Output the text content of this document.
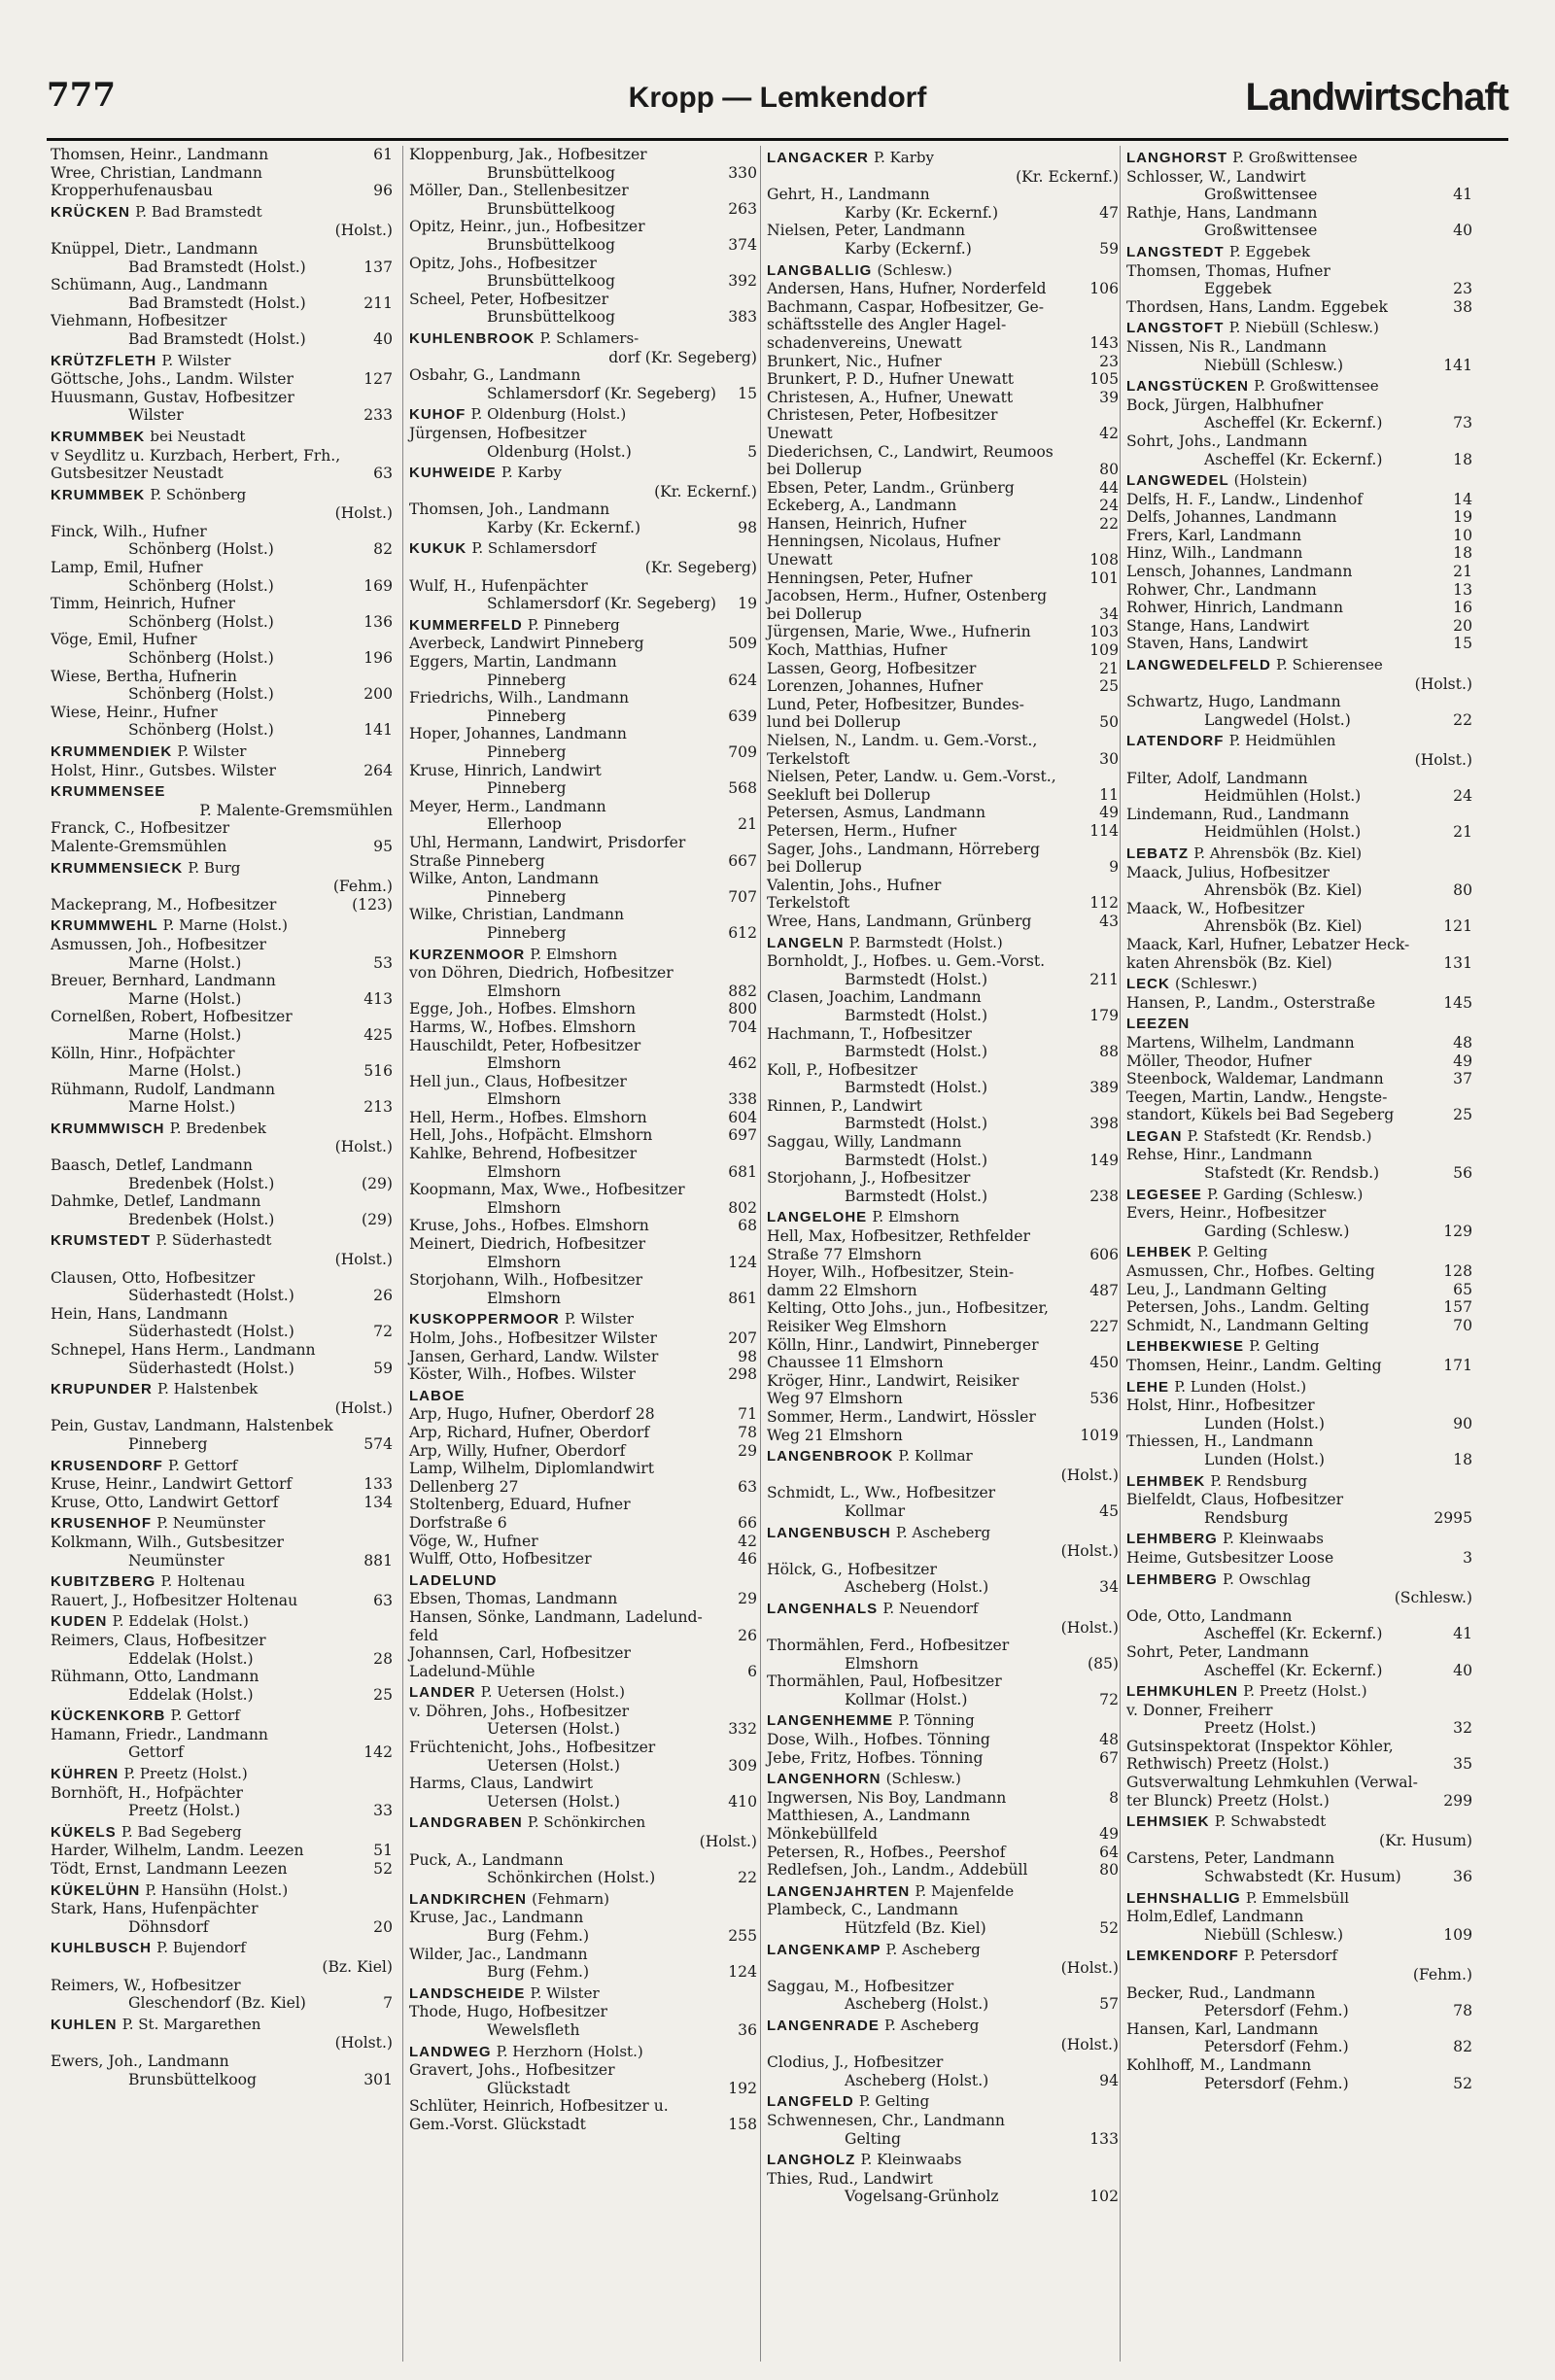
777	Kropp — Lemkendorf	Landwirtschaft
Thomsen, Heinr., Landmann	61
Wree, Christian, Landmann
Kropperhufenausbau	96
KRÜCKEN P. Bad Bramstedt
(Holst.)
Knüppel, Dietr., Landmann
Bad Bramstedt (Holst.)	137
Schümann, Aug., Landmann
Bad Bramstedt (Holst.)	211
Viehmann, Hofbesitzer
Bad Bramstedt (Holst.)	40
KRÜTZFLETH P. Wilster
Göttsche, Johs., Landm. Wilster	127
Huusmann, Gustav, Hofbesitzer
Wilster	233
KRUMMBEK bei Neustadt
v Seydlitz u. Kurzbach, Herbert, Frh.,
Gutsbesitzer Neustadt	63
KRUMMBEK P. Schönberg
(Holst.)
Finck, Wilh., Hufner
Schönberg (Holst.)	82
Lamp, Emil, Hufner
Schönberg (Holst.)	169
Timm, Heinrich, Hufner
Schönberg (Holst.)	136
Vöge, Emil, Hufner
Schönberg (Holst.)	196
Wiese, Bertha, Hufnerin
Schönberg (Holst.)	200
Wiese, Heinr., Hufner
Schönberg (Holst.)	141
KRUMMENDIEK P. Wilster
Holst, Hinr., Gutsbes. Wilster	264
KRUMMENSEE
P. Malente-Gremsmühlen
Franck, C., Hofbesitzer
Malente-Gremsmühlen	95
KRUMMENSIECK P. Burg
(Fehm.)
Mackeprang, M., Hofbesitzer	(123)
KRUMMWEHL P. Marne (Holst.)
Asmussen, Joh., Hofbesitzer
Marne (Holst.)	53
Breuer, Bernhard, Landmann
Marne (Holst.)	413
Cornelßen, Robert, Hofbesitzer
Marne (Holst.)	425
Kölln, Hinr., Hofpächter
Marne (Holst.)	516
Rühmann, Rudolf, Landmann
Marne Holst.)	213
KRUMMWISCH P. Bredenbek
(Holst.)
Baasch, Detlef, Landmann
Bredenbek (Holst.)	(29)
Dahmke, Detlef, Landmann
Bredenbek (Holst.)	(29)
KRUMSTEDT P. Süderhastedt
(Holst.)
Clausen, Otto, Hofbesitzer
Süderhastedt (Holst.)	26
Hein, Hans, Landmann
Süderhastedt (Holst.)	72
Schnepel, Hans Herm., Landmann
Süderhastedt (Holst.)	59
KRUPUNDER P. Halstenbek
(Holst.)
Pein, Gustav, Landmann, Halstenbek
Pinneberg	574
KRUSENDORF P. Gettorf
Kruse, Heinr., Landwirt Gettorf	133
Kruse, Otto, Landwirt Gettorf	134
KRUSENHOF P. Neumünster
Kolkmann, Wilh., Gutsbesitzer
Neumünster	881
KUBITZBERG P. Holtenau
Rauert, J., Hofbesitzer Holtenau	63
KUDEN P. Eddelak (Holst.)
Reimers, Claus, Hofbesitzer
Eddelak (Holst.)	28
Rühmann, Otto, Landmann
Eddelak (Holst.)	25
KÜCKENKORB P. Gettorf
Hamann, Friedr., Landmann
Gettorf	142
KÜHREN P. Preetz (Holst.)
Bornhöft, H., Hofpächter
Preetz (Holst.)	33
KÜKELS P. Bad Segeberg
Harder, Wilhelm, Landm. Leezen	51
Tödt, Ernst, Landmann Leezen	52
KÜKELÜHN P. Hansühn (Holst.)
Stark, Hans, Hufenpächter
Döhnsdorf	20
KUHLBUSCH P. Bujendorf
(Bz. Kiel)
Reimers, W., Hofbesitzer
Gleschendorf (Bz. Kiel)	7
KUHLEN P. St. Margarethen
(Holst.)
Ewers, Joh., Landmann
Brunsbüttelkoog	301
Kloppenburg, Jak., Hofbesitzer
Brunsbüttelkoog	330
Möller, Dan., Stellenbesitzer
Brunsbüttelkoog	263
Opitz, Heinr., jun., Hofbesitzer
Brunsbüttelkoog	374
Opitz, Johs., Hofbesitzer
Brunsbüttelkoog	392
Scheel, Peter, Hofbesitzer
Brunsbüttelkoog	383
KUHLENBROOK P. Schlamers-
dorf (Kr. Segeberg)
Osbahr, G., Landmann
Schlamersdorf (Kr. Segeberg)	15
KUHOF P. Oldenburg (Holst.)
Jürgensen, Hofbesitzer
Oldenburg (Holst.)	5
KUHWEIDE P. Karby
(Kr. Eckernf.)
Thomsen, Joh., Landmann
Karby (Kr. Eckernf.)	98
KUKUK P. Schlamersdorf
(Kr. Segeberg)
Wulf, H., Hufenpächter
Schlamersdorf (Kr. Segeberg)	19
KUMMERFELD P. Pinneberg
Averbeck, Landwirt Pinneberg	509
Eggers, Martin, Landmann
Pinneberg	624
Friedrichs, Wilh., Landmann
Pinneberg	639
Hoper, Johannes, Landmann
Pinneberg	709
Kruse, Hinrich, Landwirt
Pinneberg	568
Meyer, Herm., Landmann
Ellerhoop	21
Uhl, Hermann, Landwirt, Prisdorfer
Straße Pinneberg	667
Wilke, Anton, Landmann
Pinneberg	707
Wilke, Christian, Landmann
Pinneberg	612
KURZENMOOR P. Elmshorn
von Döhren, Diedrich, Hofbesitzer
Elmshorn	882
Egge, Joh., Hofbes. Elmshorn	800
Harms, W., Hofbes. Elmshorn	704
Hauschildt, Peter, Hofbesitzer
Elmshorn	462
Hell jun., Claus, Hofbesitzer
Elmshorn	338
Hell, Herm., Hofbes. Elmshorn	604
Hell, Johs., Hofpächt. Elmshorn	697
Kahlke, Behrend, Hofbesitzer
Elmshorn	681
Koopmann, Max, Wwe., Hofbesitzer
Elmshorn	802
Kruse, Johs., Hofbes. Elmshorn	68
Meinert, Diedrich, Hofbesitzer
Elmshorn	124
Storjohann, Wilh., Hofbesitzer
Elmshorn	861
KUSKOPPERMOOR P. Wilster
Holm, Johs., Hofbesitzer Wilster	207
Jansen, Gerhard, Landw. Wilster	98
Köster, Wilh., Hofbes. Wilster	298
LABOE
Arp, Hugo, Hufner, Oberdorf 28	71
Arp, Richard, Hufner, Oberdorf	78
Arp, Willy, Hufner, Oberdorf	29
Lamp, Wilhelm, Diplomlandwirt
Dellenberg 27	63
Stoltenberg, Eduard, Hufner
Dorfstraße 6	66
Vöge, W., Hufner	42
Wulff, Otto, Hofbesitzer	46
LADELUND
Ebsen, Thomas, Landmann	29
Hansen, Sönke, Landmann, Ladelund-
feld	26
Johannsen, Carl, Hofbesitzer
Ladelund-Mühle	6
LANDER P. Uetersen (Holst.)
v. Döhren, Johs., Hofbesitzer
Uetersen (Holst.)	332
Früchtenicht, Johs., Hofbesitzer
Uetersen (Holst.)	309
Harms, Claus, Landwirt
Uetersen (Holst.)	410
LANDGRABEN P. Schönkirchen
(Holst.)
Puck, A., Landmann
Schönkirchen (Holst.)	22
LANDKIRCHEN (Fehmarn)
Kruse, Jac., Landmann
Burg (Fehm.)	255
Wilder, Jac., Landmann
Burg (Fehm.)	124
LANDSCHEIDE P. Wilster
Thode, Hugo, Hofbesitzer
Wewelsfleth	36
LANDWEG P. Herzhorn (Holst.)
Gravert, Johs., Hofbesitzer
Glückstadt	192
Schlüter, Heinrich, Hofbesitzer u.
Gem.-Vorst. Glückstadt	158
LANGACKER P. Karby
(Kr. Eckernf.)
Gehrt, H., Landmann
Karby (Kr. Eckernf.)	47
Nielsen, Peter, Landmann
Karby (Eckernf.)	59
LANGBALLIG (Schlesw.)
Andersen, Hans, Hufner, Norderfeld	106
Bachmann, Caspar, Hofbesitzer, Ge-
schäftsstelle des Angler Hagel-
schadenvereins, Unewatt	143
Brunkert, Nic., Hufner	23
Brunkert, P. D., Hufner Unewatt	105
Christesen, A., Hufner, Unewatt	39
Christesen, Peter, Hofbesitzer
Unewatt	42
Diederichsen, C., Landwirt, Reumoos
bei Dollerup	80
Ebsen, Peter, Landm., Grünberg	44
Eckeberg, A., Landmann	24
Hansen, Heinrich, Hufner	22
Henningsen, Nicolaus, Hufner
Unewatt	108
Henningsen, Peter, Hufner	101
Jacobsen, Herm., Hufner, Ostenberg
bei Dollerup	34
Jürgensen, Marie, Wwe., Hufnerin	103
Koch, Matthias, Hufner	109
Lassen, Georg, Hofbesitzer	21
Lorenzen, Johannes, Hufner	25
Lund, Peter, Hofbesitzer, Bundes-
lund bei Dollerup	50
Nielsen, N., Landm. u. Gem.-Vorst.,
Terkelstoft	30
Nielsen, Peter, Landw. u. Gem.-Vorst.,
Seekluft bei Dollerup	11
Petersen, Asmus, Landmann	49
Petersen, Herm., Hufner	114
Sager, Johs., Landmann, Hörreberg
bei Dollerup	9
Valentin, Johs., Hufner
Terkelstoft	112
Wree, Hans, Landmann, Grünberg	43
LANGELN P. Barmstedt (Holst.)
Bornholdt, J., Hofbes. u. Gem.-Vorst.
Barmstedt (Holst.)	211
Clasen, Joachim, Landmann
Barmstedt (Holst.)	179
Hachmann, T., Hofbesitzer
Barmstedt (Holst.)	88
Koll, P., Hofbesitzer
Barmstedt (Holst.)	389
Rinnen, P., Landwirt
Barmstedt (Holst.)	398
Saggau, Willy, Landmann
Barmstedt (Holst.)	149
Storjohann, J., Hofbesitzer
Barmstedt (Holst.)	238
LANGELOHE P. Elmshorn
Hell, Max, Hofbesitzer, Rethfelder
Straße 77 Elmshorn	606
Hoyer, Wilh., Hofbesitzer, Stein-
damm 22 Elmshorn	487
Kelting, Otto Johs., jun., Hofbesitzer,
Reisiker Weg Elmshorn	227
Kölln, Hinr., Landwirt, Pinneberger
Chaussee 11 Elmshorn	450
Kröger, Hinr., Landwirt, Reisiker
Weg 97 Elmshorn	536
Sommer, Herm., Landwirt, Hössler
Weg 21 Elmshorn	1019
LANGENBROOK P. Kollmar
(Holst.)
Schmidt, L., Ww., Hofbesitzer
Kollmar	45
LANGENBUSCH P. Ascheberg
(Holst.)
Hölck, G., Hofbesitzer
Ascheberg (Holst.)	34
LANGENHALS P. Neuendorf
(Holst.)
Thormählen, Ferd., Hofbesitzer
Elmshorn	(85)
Thormählen, Paul, Hofbesitzer
Kollmar (Holst.)	72
LANGENHEMME P. Tönning
Dose, Wilh., Hofbes. Tönning	48
Jebe, Fritz, Hofbes. Tönning	67
LANGENHORN (Schlesw.)
Ingwersen, Nis Boy, Landmann	8
Matthiesen, A., Landmann
Mönkebüllfeld	49
Petersen, R., Hofbes., Peershof	64
Redlefsen, Joh., Landm., Addebüll	80
LANGENJAHRTEN P. Majenfelde
Plambeck, C., Landmann
Hützfeld (Bz. Kiel)	52
LANGENKAMP P. Ascheberg
(Holst.)
Saggau, M., Hofbesitzer
Ascheberg (Holst.)	57
LANGENRADE P. Ascheberg
(Holst.)
Clodius, J., Hofbesitzer
Ascheberg (Holst.)	94
LANGFELD P. Gelting
Schwennesen, Chr., Landmann
Gelting	133
LANGHOLZ P. Kleinwaabs
Thies, Rud., Landwirt
Vogelsang-Grünholz	102
LANGHORST P. Großwittensee
Schlosser, W., Landwirt
Großwittensee	41
Rathje, Hans, Landmann
Großwittensee	40
LANGSTEDT P. Eggebek
Thomsen, Thomas, Hufner
Eggebek	23
Thordsen, Hans, Landm. Eggebek	38
LANGSTOFT P. Niebüll (Schlesw.)
Nissen, Nis R., Landmann
Niebüll (Schlesw.)	141
LANGSTÜCKEN P. Großwittensee
Bock, Jürgen, Halbhufner
Ascheffel (Kr. Eckernf.)	73
Sohrt, Johs., Landmann
Ascheffel (Kr. Eckernf.)	18
LANGWEDEL (Holstein)
Delfs, H. F., Landw., Lindenhof	14
Delfs, Johannes, Landmann	19
Frers, Karl, Landmann	10
Hinz, Wilh., Landmann	18
Lensch, Johannes, Landmann	21
Rohwer, Chr., Landmann	13
Rohwer, Hinrich, Landmann	16
Stange, Hans, Landwirt	20
Staven, Hans, Landwirt	15
LANGWEDELFELD P. Schierensee
(Holst.)
Schwartz, Hugo, Landmann
Langwedel (Holst.)	22
LATENDORF P. Heidmühlen
(Holst.)
Filter, Adolf, Landmann
Heidmühlen (Holst.)	24
Lindemann, Rud., Landmann
Heidmühlen (Holst.)	21
LEBATZ P. Ahrensbök (Bz. Kiel)
Maack, Julius, Hofbesitzer
Ahrensbök (Bz. Kiel)	80
Maack, W., Hofbesitzer
Ahrensbök (Bz. Kiel)	121
Maack, Karl, Hufner, Lebatzer Heck-
katen Ahrensbök (Bz. Kiel)	131
LECK (Schleswr.)
Hansen, P., Landm., Osterstraße	145
LEEZEN
Martens, Wilhelm, Landmann	48
Möller, Theodor, Hufner	49
Steenbock, Waldemar, Landmann	37
Teegen, Martin, Landw., Hengste-
standort, Kükels bei Bad Segeberg	25
LEGAN P. Stafstedt (Kr. Rendsb.)
Rehse, Hinr., Landmann
Stafstedt (Kr. Rendsb.)	56
LEGESEE P. Garding (Schlesw.)
Evers, Heinr., Hofbesitzer
Garding (Schlesw.)	129
LEHBEK P. Gelting
Asmussen, Chr., Hofbes. Gelting	128
Leu, J., Landmann Gelting	65
Petersen, Johs., Landm. Gelting	157
Schmidt, N., Landmann Gelting	70
LEHBEKWIESE P. Gelting
Thomsen, Heinr., Landm. Gelting	171
LEHE P. Lunden (Holst.)
Holst, Hinr., Hofbesitzer
Lunden (Holst.)	90
Thiessen, H., Landmann
Lunden (Holst.)	18
LEHMBEK P. Rendsburg
Bielfeldt, Claus, Hofbesitzer
Rendsburg	2995
LEHMBERG P. Kleinwaabs
Heime, Gutsbesitzer Loose	3
LEHMBERG P. Owschlag
(Schlesw.)
Ode, Otto, Landmann
Ascheffel (Kr. Eckernf.)	41
Sohrt, Peter, Landmann
Ascheffel (Kr. Eckernf.)	40
LEHMKUHLEN P. Preetz (Holst.)
v. Donner, Freiherr
Preetz (Holst.)	32
Gutsinspektorat (Inspektor Köhler,
Rethwisch) Preetz (Holst.)	35
Gutsverwaltung Lehmkuhlen (Verwal-
ter Blunck) Preetz (Holst.)	299
LEHMSIEK P. Schwabstedt
(Kr. Husum)
Carstens, Peter, Landmann
Schwabstedt (Kr. Husum)	36
LEHNSHALLIG P. Emmelsbüll
Holm,Edlef, Landmann
Niebüll (Schlesw.)	109
LEMKENDORF P. Petersdorf
(Fehm.)
Becker, Rud., Landmann
Petersdorf (Fehm.)	78
Hansen, Karl, Landmann
Petersdorf (Fehm.)	82
Kohlhoff, M., Landmann
Petersdorf (Fehm.)	52
